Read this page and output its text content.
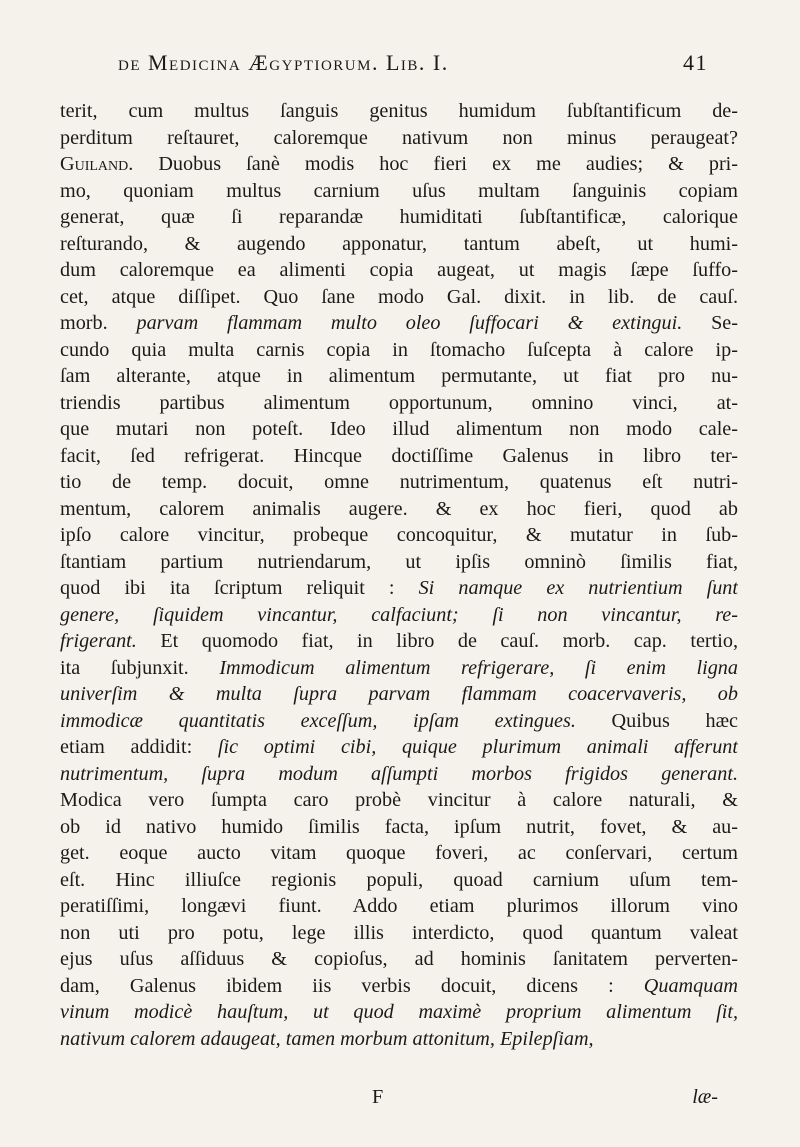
de Medicina Ægyptiorum. Lib. I.	41
terit, cum multus ſanguis genitus humidum ſubſtantificum de-
perditum reſtauret, caloremque nativum non minus peraugeat?
Guiland. Duobus ſanè modis hoc fieri ex me audies; & pri-
mo, quoniam multus carnium uſus multam ſanguinis copiam
generat, quæ ſi reparandæ humiditati ſubſtantificæ, calorique
reſturando, & augendo apponatur, tantum abeſt, ut humi-
dum caloremque ea alimenti copia augeat, ut magis ſæpe ſuffo-
cet, atque diſſipet. Quo ſane modo Gal. dixit. in lib. de cauſ.
morb. parvam flammam multo oleo ſuffocari & extingui. Se-
cundo quia multa carnis copia in ſtomacho ſuſcepta à calore ip-
ſam alterante, atque in alimentum permutante, ut fiat pro nu-
triendis partibus alimentum opportunum, omnino vinci, at-
que mutari non poteſt. Ideo illud alimentum non modo cale-
facit, ſed refrigerat. Hincque doctiſſime Galenus in libro ter-
tio de temp. docuit, omne nutrimentum, quatenus eſt nutri-
mentum, calorem animalis augere. & ex hoc fieri, quod ab
ipſo calore vincitur, probeque concoquitur, & mutatur in ſub-
ſtantiam partium nutriendarum, ut ipſis omninò ſimilis fiat,
quod ibi ita ſcriptum reliquit : Si namque ex nutrientium ſunt
genere, ſiquidem vincantur, calfaciunt; ſi non vincantur, re-
frigerant. Et quomodo fiat, in libro de cauſ. morb. cap. tertio,
ita ſubjunxit. Immodicum alimentum refrigerare, ſi enim ligna
univerſim & multa ſupra parvam flammam coacervaveris, ob
immodicæ quantitatis exceſſum, ipſam extingues. Quibus hæc
etiam addidit: ſic optimi cibi, quique plurimum animali afferunt
nutrimentum, ſupra modum aſſumpti morbos frigidos generant.
Modica vero ſumpta caro probè vincitur à calore naturali, &
ob id nativo humido ſimilis facta, ipſum nutrit, fovet, & au-
get. eoque aucto vitam quoque foveri, ac conſervari, certum
eſt. Hinc illiuſce regionis populi, quoad carnium uſum tem-
peratiſſimi, longævi fiunt. Addo etiam plurimos illorum vino
non uti pro potu, lege illis interdicto, quod quantum valeat
ejus uſus aſſiduus & copioſus, ad hominis ſanitatem perverten-
dam, Galenus ibidem iis verbis docuit, dicens : Quamquam
vinum modicè hauſtum, ut quod maximè proprium alimentum ſit,
nativum calorem adaugeat, tamen morbum attonitum, Epilepſiam,
F	læ-
